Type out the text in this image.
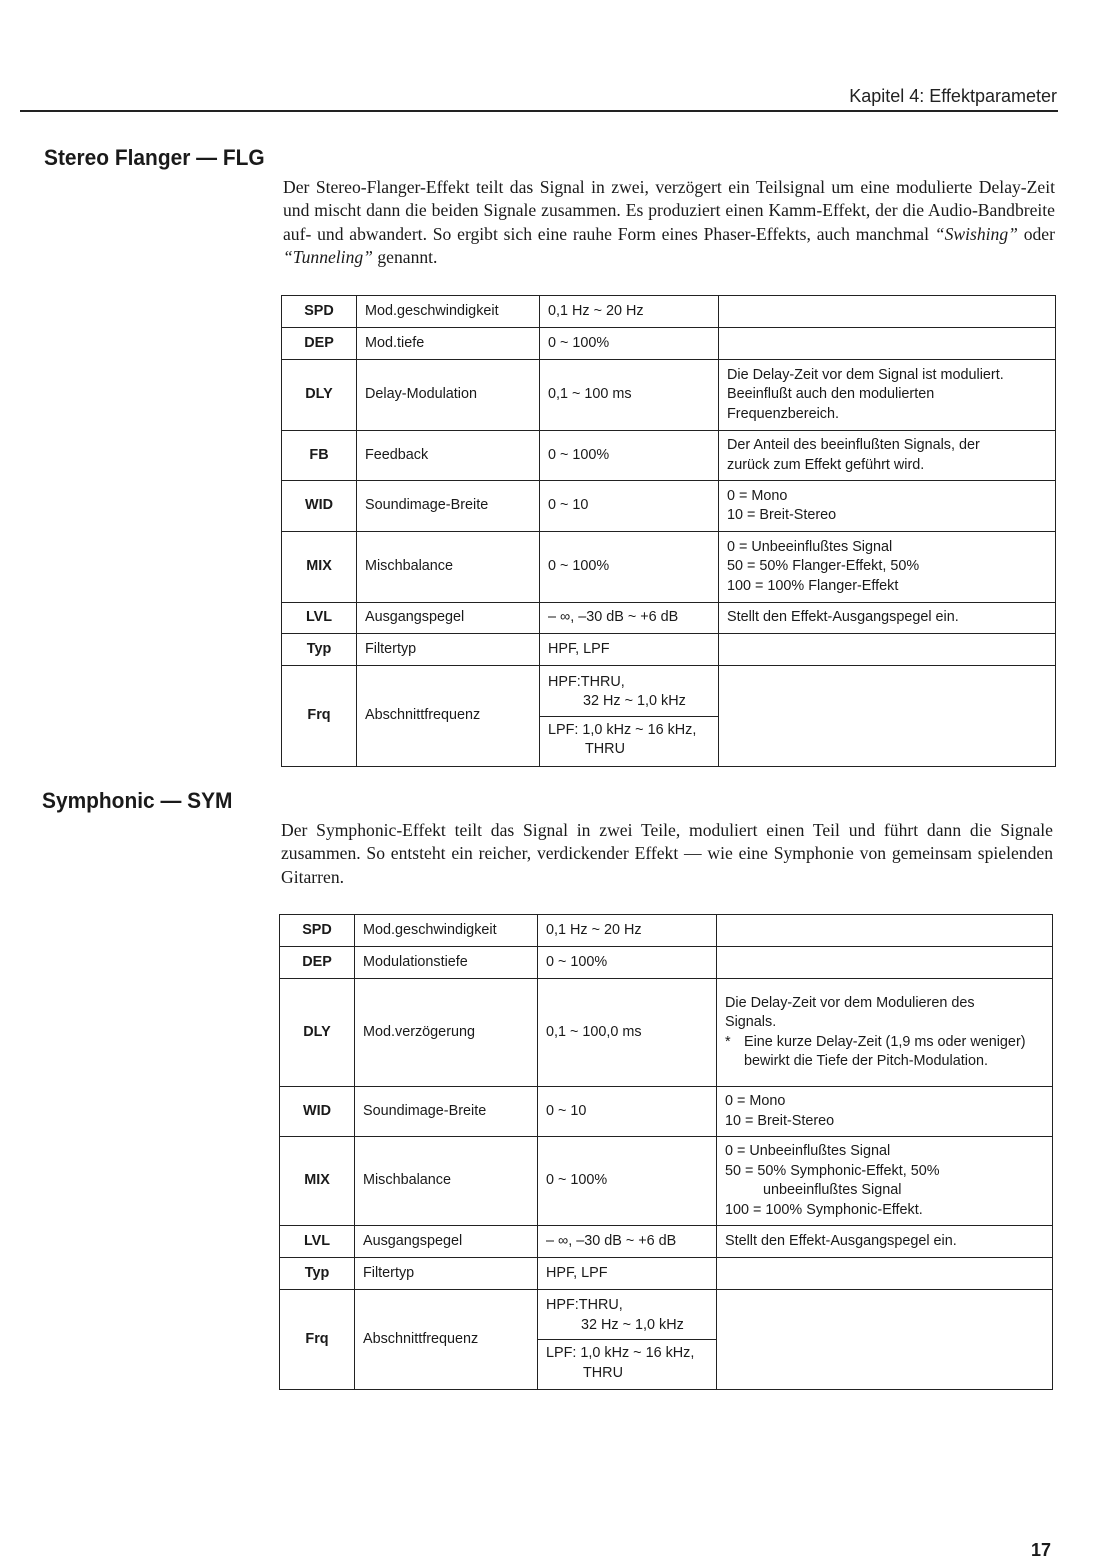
Kapitel 4: Effektparameter
Stereo Flanger — FLG

Der Stereo-Flanger-Effekt teilt das Signal in zwei, verzögert ein Teilsignal um eine modulierte Delay-Zeit und mischt dann die beiden Signale zusammen. Es produziert einen Kamm-Effekt, der die Audio-Bandbreite auf- und abwandert. So ergibt sich eine rauhe Form eines Phaser-Effekts, auch manchmal “Swishing” oder “Tunneling” genannt.

SPD	Mod.geschwindigkeit	0,1 Hz ~ 20 Hz	
DEP	Mod.tiefe	0 ~ 100%	
DLY	Delay-Modulation	0,1 ~ 100 ms	Die Delay-Zeit vor dem Signal ist moduliert.
Beeinflußt auch den modulierten
Frequenzbereich.

FB	Feedback	0 ~ 100%	Der Anteil des beeinflußten Signals, der
zurück zum Effekt geführt wird.

WID	Soundimage-Breite	0 ~ 10	0 = Mono
10 = Breit-Stereo

MIX	Mischbalance	0 ~ 100%	0 = Unbeeinflußtes Signal
50 = 50% Flanger-Effekt, 50%
100 = 100% Flanger-Effekt

LVL	Ausgangspegel	– ∞, –30 dB ~ +6 dB	Stellt den Effekt-Ausgangspegel ein.
Typ	Filtertyp	HPF, LPF	
Frq	Abschnittfrequenz	HPF:THRU,
32 Hz ~ 1,0 kHz
LPF: 1,0 kHz ~ 16 kHz,
THRU	

Symphonic — SYM

Der Symphonic-Effekt teilt das Signal in zwei Teile, moduliert einen Teil und führt dann die Signale zusammen. So entsteht ein reicher, verdickender Effekt — wie eine Symphonie von gemeinsam spielenden Gitarren.

SPD	Mod.geschwindigkeit	0,1 Hz ~ 20 Hz	
DEP	Modulationstiefe	0 ~ 100%	
DLY	Mod.verzögerung	0,1 ~ 100,0 ms	Die Delay-Zeit vor dem Modulieren des
Signals.
* Eine kurze Delay-Zeit (1,9 ms oder weniger) bewirkt die Tiefe der Pitch-Modulation.

WID	Soundimage-Breite	0 ~ 10	0 = Mono
10 = Breit-Stereo

MIX	Mischbalance	0 ~ 100%	0 = Unbeeinflußtes Signal
50 = 50% Symphonic-Effekt, 50%
unbeeinflußtes Signal
100 = 100% Symphonic-Effekt.

LVL	Ausgangspegel	– ∞, –30 dB ~ +6 dB	Stellt den Effekt-Ausgangspegel ein.
Typ	Filtertyp	HPF, LPF	
Frq	Abschnittfrequenz	HPF:THRU,
32 Hz ~ 1,0 kHz
LPF: 1,0 kHz ~ 16 kHz,
THRU	

17
